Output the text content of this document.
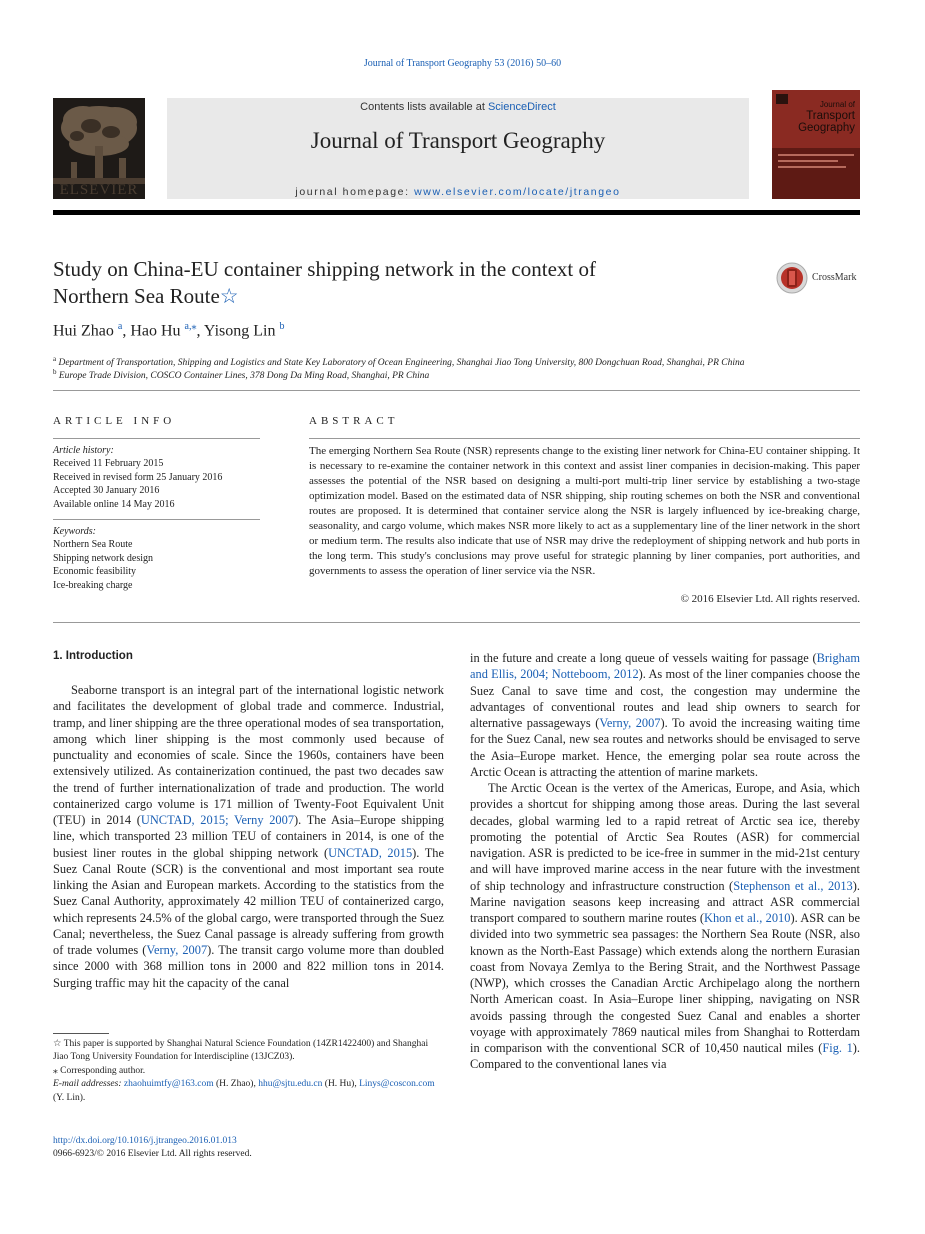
Journal of Transport Geography 53 (2016) 50–60
ELSEVIER
Contents lists available at ScienceDirect
Journal of Transport Geography
journal homepage: www.elsevier.com/locate/jtrangeo
Journal of
Transport
Geography
Study on China-EU container shipping network in the context of
Northern Sea Route☆
CrossMark
Hui Zhao $^a$, Hao Hu $^{a,⁎}$, Yisong Lin $^b$
$^a$ Department of Transportation, Shipping and Logistics and State Key Laboratory of Ocean Engineering, Shanghai Jiao Tong University, 800 Dongchuan Road, Shanghai, PR China
$^b$ Europe Trade Division, COSCO Container Lines, 378 Dong Da Ming Road, Shanghai, PR China
ARTICLE INFO
Article history:
Received 11 February 2015
Received in revised form 25 January 2016
Accepted 30 January 2016
Available online 14 May 2016
Keywords:
Northern Sea Route
Shipping network design
Economic feasibility
Ice-breaking charge
ABSTRACT
The emerging Northern Sea Route (NSR) represents change to the existing liner network for China-EU container shipping. It is necessary to re-examine the container network in this context and assist liner companies in decision-making. This paper assesses the potential of the NSR based on designing a multi-port multi-trip liner service by establishing a two-stage optimization model. Based on the estimated data of NSR shipping, ship routing schemes on both the NSR and conventional routes are proposed. It is determined that container service along the NSR is largely influenced by ice-breaking charge, seasonality, and cargo volume, which makes NSR more likely to act as a supplementary line of the liner network in the short or medium term. The results also indicate that use of NSR may drive the redeployment of shipping network and hub ports in the long term. This study's conclusions may prove useful for strategic planning by liner companies, port authorities, and governments to assess the operation of liner service via the NSR.
© 2016 Elsevier Ltd. All rights reserved.
1. Introduction

Seaborne transport is an integral part of the international logistic network and facilitates the development of global trade and commerce. Industrial, tramp, and liner shipping are the three operational modes of sea transportation, among which liner shipping is the most commonly used because of punctuality and economies of scale. Since the 1960s, containers have been extensively utilized. As containerization continued, the past two decades saw the trend of further internationalization of trade and production. The world containerized cargo volume is 171 million of Twenty-Foot Equivalent Unit (TEU) in 2014 (UNCTAD, 2015; Verny 2007). The Asia–Europe shipping line, which transported 23 million TEU of containers in 2014, is one of the busiest liner routes in the global shipping network (UNCTAD, 2015). The Suez Canal Route (SCR) is the conventional and most important sea route linking the Asian and European markets. According to the statistics from the Suez Canal Authority, approximately 42 million TEU of containerized cargo, which represents 24.5% of the global cargo, were transported through the Suez Canal; nevertheless, the Suez Canal passage is already suffering from growth of trade volumes (Verny, 2007). The transit cargo volume more than doubled since 2000 with 368 million tons in 2000 and 822 million tons in 2014. Surging traffic may hit the capacity of the canal

in the future and create a long queue of vessels waiting for passage (Brigham and Ellis, 2004; Notteboom, 2012). As most of the liner companies choose the Suez Canal to save time and cost, the congestion may undermine the advantages of conventional routes and lead ship owners to search for alternative passageways (Verny, 2007). To avoid the increasing waiting time for the Suez Canal, new sea routes and networks should be envisaged to serve the Asia–Europe market. Hence, the emerging polar sea route across the Arctic Ocean is attracting the attention of marine markets.

The Arctic Ocean is the vertex of the Americas, Europe, and Asia, which provides a shortcut for shipping among those areas. During the last several decades, global warming led to a rapid retreat of Arctic sea ice, thereby promoting the potential of Arctic Sea Routes (ASR) for commercial navigation. ASR is predicted to be ice-free in summer in the mid-21st century and will have improved marine access in the near future with the investment of ship technology and infrastructure construction (Stephenson et al., 2013). Marine navigation seasons keep increasing and attract ASR commercial transport compared to southern marine routes (Khon et al., 2010). ASR can be divided into two symmetric sea passages: the Northern Sea Route (NSR, also known as the North-East Passage) which extends along the northern Eurasian coast from Novaya Zemlya to the Bering Strait, and the Northwest Passage (NWP), which crosses the Canadian Arctic Archipelago along the northern North American coast. In Asia–Europe liner shipping, navigating on NSR avoids passing through the congested Suez Canal and enables a shorter voyage with approximately 7869 nautical miles from Shanghai to Rotterdam in comparison with the conventional SCR of 10,450 nautical miles (Fig. 1). Compared to the conventional lanes via

☆ This paper is supported by Shanghai Natural Science Foundation (14ZR1422400) and Shanghai Jiao Tong University Foundation for Interdiscipline (13JCZ03).
⁎ Corresponding author.
E-mail addresses: zhaohuimtfy@163.com (H. Zhao), hhu@sjtu.edu.cn (H. Hu), Linys@coscon.com (Y. Lin).
http://dx.doi.org/10.1016/j.jtrangeo.2016.01.013
0966-6923/© 2016 Elsevier Ltd. All rights reserved.
